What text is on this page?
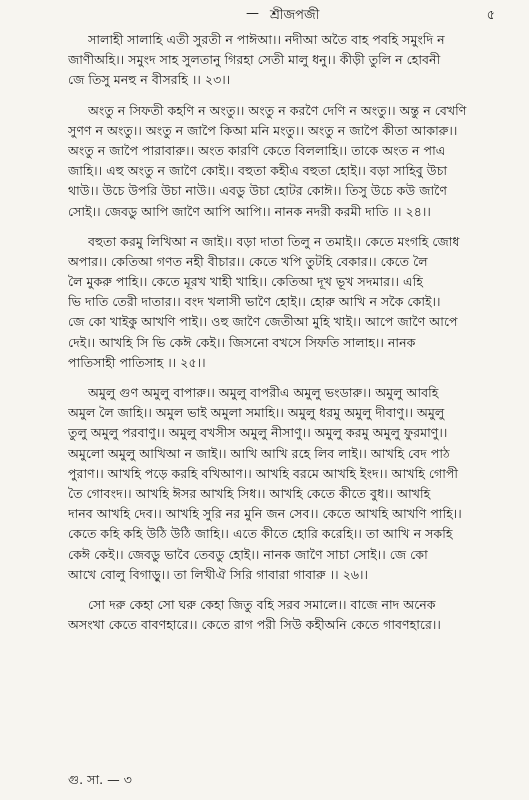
— শ্রীজপজী	৫
সালাহী সালাহি এতী সুরতী ন পাঈআ।। নদীআ অতৈ বাহ পবহি সমুংদি ন
জাণীঅহি।। সমুংদ সাহ সুলতানু গিরহা সেতী মালু ধনু।। কীড়ী তুলি ন হোবনী
জে তিসু মনহু ন বীসরহি ।। ২৩।।
অংতু ন সিফতী কহণি ন অংতু।। অংতু ন করণৈ দেণি ন অংতু।। অন্তু ন বেখণি
সুণণ ন অংতু।। অংতু ন জাপৈ কিআ মনি মংতু।। অংতু ন জাপৈ কীতা আকারু।।
অংতু ন জাপৈ পারাবারু।। অংত কারণি কেতে বিললাহি।। তাকে অংত ন পাএ
জাহি।। এহু অংতু ন জাণৈ কোই।। বহুতা কহীএ বহুতা হোই।। বড়া সাহিবু উচা
থাউ।। উচে উপরি উচা নাউ।। এবডু উচা হোটর কোঈ।। তিসু উচে কউ জাণৈ
সোই।। জেবডু আপি জাণৈ আপি আপি।। নানক নদরী করমী দাতি ।। ২৪।।
বহুতা করমু লিখিআ ন জাই।। বড়া দাতা তিলু ন তমাই।। কেতে মংগহি জোধ
অপার।। কেতিআ গণত নহী বীচার।। কেতে খপি তুটহি বেকার।। কেতে লৈ
লৈ মুকরু পাহি।। কেতে মূরখ খাহী খাহি।। কেতিআ দূখ ভূখ সদমার।। এহি
ভি দাতি তেরী দাতার।। বংদ খলাসী ভাণৈ হোই।। হোরু আখি ন সকৈ কোই।।
জে কো খাইকু আখণি পাই।। ওহু জাণৈ জেতীআ মুহি খাই।। আপে জাণৈ আপে
দেই।। আখহি সি ভি কেঈ কেই।। জিসনো বখসে সিফতি সালাহ।। নানক
পাতিসাহী পাতিসাহ ।। ২৫।।
অমুলু গুণ অমুলু বাপারু।। অমুলু বাপরীএ অমুলু ভংডারু।। অমুলু আবহি
অমুল লৈ জাহি।। অমুল ভাই অমুলা সমাহি।। অমুলু ধরমু অমুলু দীবাণু।। অমুলু
তুলু অমুলু পরবাণু।। অমুলু বখসীস অমুলু নীসাণু।। অমুলু করমু অমুলু ফুরমাণু।।
অমুলো অমুলু আখিআ ন জাই।। আখি আখি রহে লিব লাই।। আখহি বেদ পাঠ
পুরাণ।। আখহি পড়ে করহি বখিআণ।। আখহি বরমে আখহি ইংদ।। আখহি গোপী
তৈ গোবংদ।। আখহি ঈসর আখহি সিধ।। আখহি কেতে কীতে বুধ।। আখহি
দানব আখহি দেব।। আখহি সুরি নর মুনি জন সেব।। কেতে আখহি আখণি পাহি।।
কেতে কহি কহি উঠি উঠি জাহি।। এতে কীতে হোরি করেহি।। তা আখি ন সকহি
কেঈ কেই।। জেবডু ভাবৈ তেবডু হোই।। নানক জাণৈ সাচা সোই।। জে কো
আখে বোলু বিগাড়ু।। তা লিখীঐ সিরি গাবারা গাবারু ।। ২৬।।
সো দরু কেহা সো ঘরু কেহা জিতু বহি সরব সমালে।। বাজে নাদ অনেক
অসংখা কেতে বাবণহারে।। কেতে রাগ পরী সিউ কহীঅনি কেতে গাবণহারে।।
গু. সা. — ৩
